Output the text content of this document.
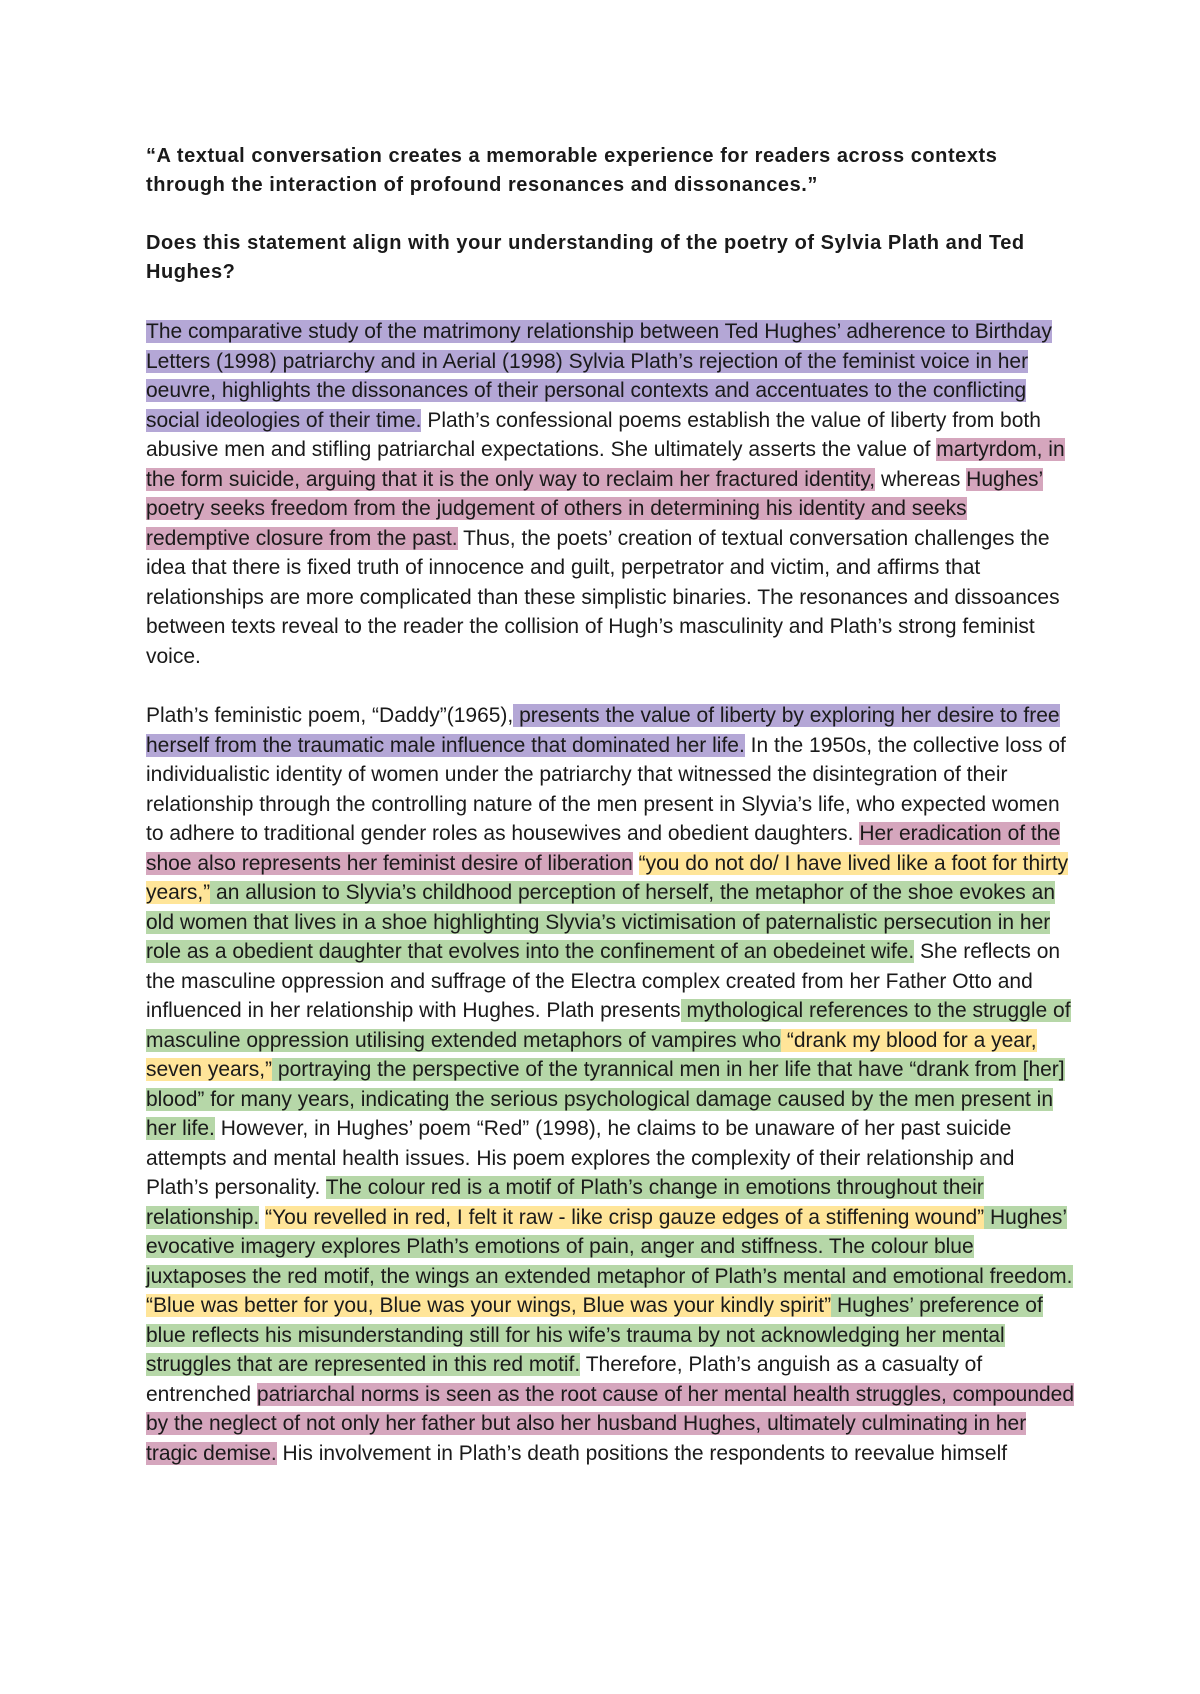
“A textual conversation creates a memorable experience for readers across contexts through the interaction of profound resonances and dissonances.”

Does this statement align with your understanding of the poetry of Sylvia Plath and Ted Hughes?

The comparative study of the matrimony relationship between Ted Hughes’ adherence to Birthday Letters (1998) patriarchy and in Aerial (1998) Sylvia Plath’s rejection of the feminist voice in her oeuvre, highlights the dissonances of their personal contexts and accentuates to the conflicting social ideologies of their time. Plath’s confessional poems establish the value of liberty from both abusive men and stifling patriarchal expectations. She ultimately asserts the value of martyrdom, in the form suicide, arguing that it is the only way to reclaim her fractured identity, whereas Hughes’ poetry seeks freedom from the judgement of others in determining his identity and seeks redemptive closure from the past. Thus, the poets’ creation of textual conversation challenges the idea that there is fixed truth of innocence and guilt, perpetrator and victim, and affirms that relationships are more complicated than these simplistic binaries. The resonances and dissoances between texts reveal to the reader the collision of Hugh’s masculinity and Plath’s strong feminist voice.

Plath’s feministic poem, “Daddy”(1965), presents the value of liberty by exploring her desire to free herself from the traumatic male influence that dominated her life. In the 1950s, the collective loss of individualistic identity of women under the patriarchy that witnessed the disintegration of their relationship through the controlling nature of the men present in Slyvia’s life, who expected women to adhere to traditional gender roles as housewives and obedient daughters. Her eradication of the shoe also represents her feminist desire of liberation “you do not do/ I have lived like a foot for thirty years,” an allusion to Slyvia’s childhood perception of herself, the metaphor of the shoe evokes an old women that lives in a shoe highlighting Slyvia’s victimisation of paternalistic persecution in her role as a obedient daughter that evolves into the confinement of an obedeinet wife. She reflects on the masculine oppression and suffrage of the Electra complex created from her Father Otto and influenced in her relationship with Hughes. Plath presents mythological references to the struggle of masculine oppression utilising extended metaphors of vampires who “drank my blood for a year, seven years,” portraying the perspective of the tyrannical men in her life that have “drank from [her] blood” for many years, indicating the serious psychological damage caused by the men present in her life. However, in Hughes’ poem “Red” (1998), he claims to be unaware of her past suicide attempts and mental health issues. His poem explores the complexity of their relationship and Plath’s personality. The colour red is a motif of Plath’s change in emotions throughout their relationship. “You revelled in red, I felt it raw - like crisp gauze edges of a stiffening wound” Hughes’ evocative imagery explores Plath’s emotions of pain, anger and stiffness. The colour blue juxtaposes the red motif, the wings an extended metaphor of Plath’s mental and emotional freedom. “Blue was better for you, Blue was your wings, Blue was your kindly spirit” Hughes’ preference of blue reflects his misunderstanding still for his wife’s trauma by not acknowledging her mental struggles that are represented in this red motif. Therefore, Plath’s anguish as a casualty of entrenched patriarchal norms is seen as the root cause of her mental health struggles, compounded by the neglect of not only her father but also her husband Hughes, ultimately culminating in her tragic demise. His involvement in Plath’s death positions the respondents to reevalue himself
